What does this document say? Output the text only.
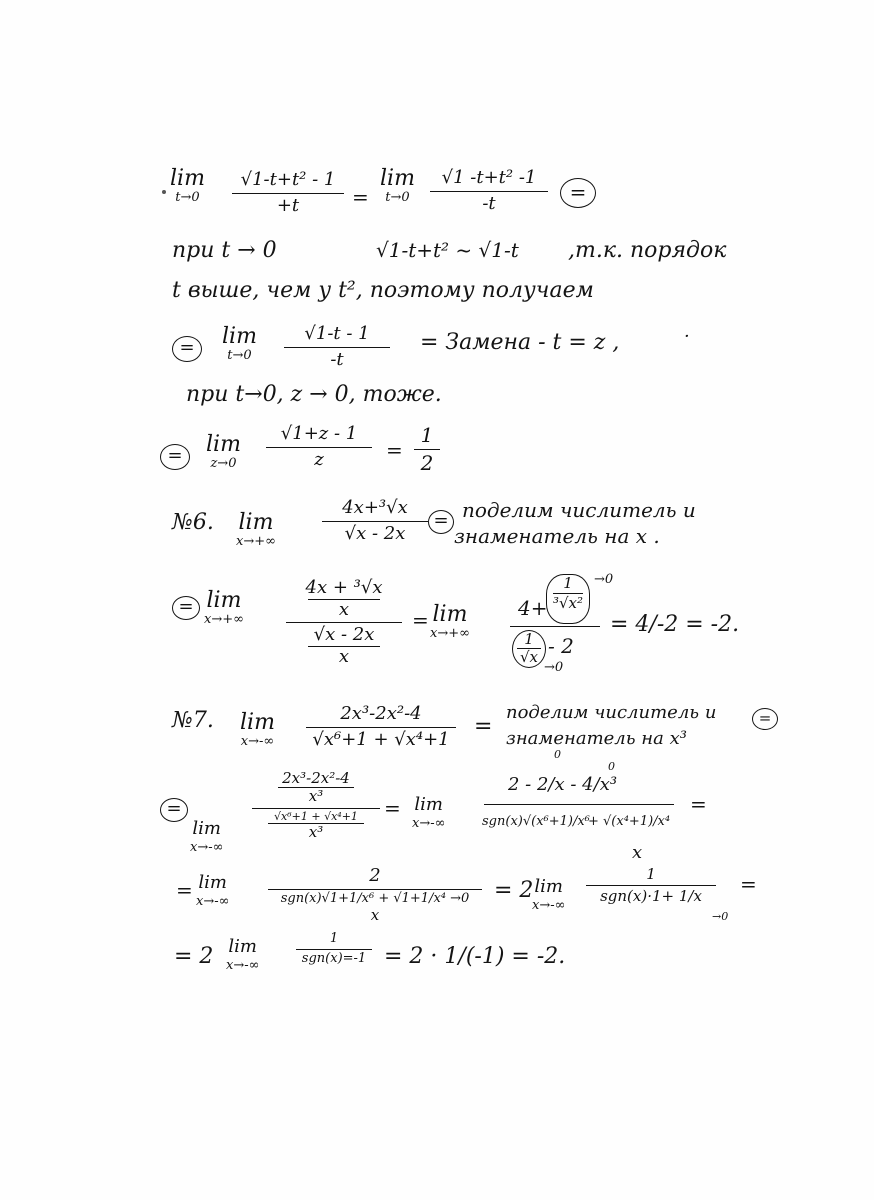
lim
t→0
√1-t+t² - 1
+t	=
lim
t→0
√1 -t+t² -1
-t	=
при t → 0	√1-t+t² ~ √1-t ,т.к. порядок
t выше, чем у t², поэтому получаем
=	lim
t→0
√1-t - 1
-t
= Замена - t = z ,	·
при t→0, z → 0, тоже.
=	lim
z→0
√1+z - 1
z	=
1
2
№6. lim
x→+∞
4x+³√x
√x - 2x
= поделим числитель и
знаменатель на x .
= lim
x→+∞
4x + ³√x
x
√x - 2x
x
= lim
x→+∞
4+
1
³√x²
→0
1
√x - 2
→0
= 4/-2 = -2.
№7. lim
x→-∞
2x³-2x²-4
√x⁶+1 + √x⁴+1
=
поделим числитель и
знаменатель на x³
=
=
lim
x→-∞
2x³-2x²-4
x³
√x⁶+1 + √x⁴+1
x³
= lim
x→-∞
2 - 2/x - 4/x³
0
0
sgn(x)√(x⁶+1)/x⁶
+ √(x⁴+1)/x⁴
x
=
= lim
x→-∞
2
sgn(x)√1+1/x⁶ + √1+1/x⁴ →0
x
= 2 lim
x→-∞
1
sgn(x)·1+ 1/x
→0
=
= 2 lim
x→-∞
1
sgn(x)=-1 = 2 · 1/(-1) = -2.
